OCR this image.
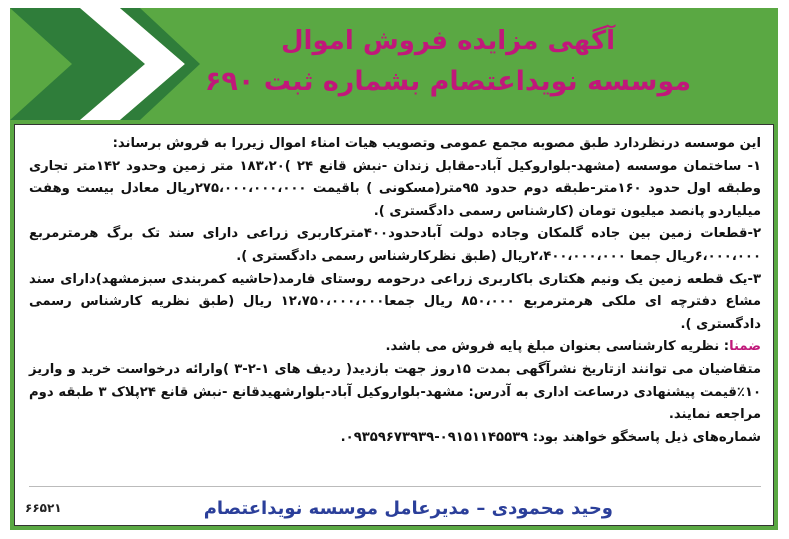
آگهی مزایده فروش اموال
موسسه نویداعتصام بشماره ثبت ۶۹۰

این موسسه درنظردارد طبق مصوبه مجمع عمومی وتصویب هیات امناء اموال زیررا به فروش برساند:

۱- ساختمان موسسه (مشهد-بلواروکیل آباد-مقابل زندان -نبش قانع ۲۴ )۱۸۳،۲۰ متر زمین وحدود ۱۴۲متر تجاری وطبقه اول حدود ۱۶۰متر-طبقه دوم حدود ۹۵متر(مسکونی ) باقیمت ۲۷۵،۰۰۰،۰۰۰،۰۰۰ریال معادل بیست وهفت میلیاردو پانصد میلیون تومان (کارشناس رسمی دادگستری ).

۲-قطعات زمین بین جاده گلمکان وجاده دولت آبادحدود۴۰۰مترکاربری زراعی دارای سند تک برگ هرمترمربع ۶،۰۰۰،۰۰۰ریال جمعا ۲،۴۰۰،۰۰۰،۰۰۰ریال (طبق نظرکارشناس رسمی دادگستری ).

۳-یک قطعه زمین یک ونیم هکتاری باکاربری زراعی درحومه روستای فارمد(حاشیه کمربندی سبزمشهد)دارای سند مشاع دفترچه ای ملکی هرمترمربع ۸۵۰،۰۰۰ ریال جمعا۱۲،۷۵۰،۰۰۰،۰۰۰ ریال (طبق نظریه کارشناس رسمی دادگستری ).

ضمنا: نظریه کارشناسی بعنوان مبلغ پایه فروش می باشد.

متقاضیان می توانند ازتاریخ نشرآگهی بمدت ۱۵روز جهت بازدید( ردیف های ۱-۲-۳ )وارائه درخواست خرید و واریز ۱۰٪قیمت پیشنهادی درساعت اداری به آدرس: مشهد-بلواروکیل آباد-بلوارشهیدقانع -نبش قانع ۲۴پلاک ۳ طبقه دوم مراجعه نمایند.

شماره‌های ذیل پاسخگو خواهند بود: ۰۹۱۵۱۱۴۵۵۳۹-۰۹۳۵۹۶۷۳۹۳۹.

وحید محمودی – مدیرعامل موسسه نویداعتصام
۶۶۵۲۱
